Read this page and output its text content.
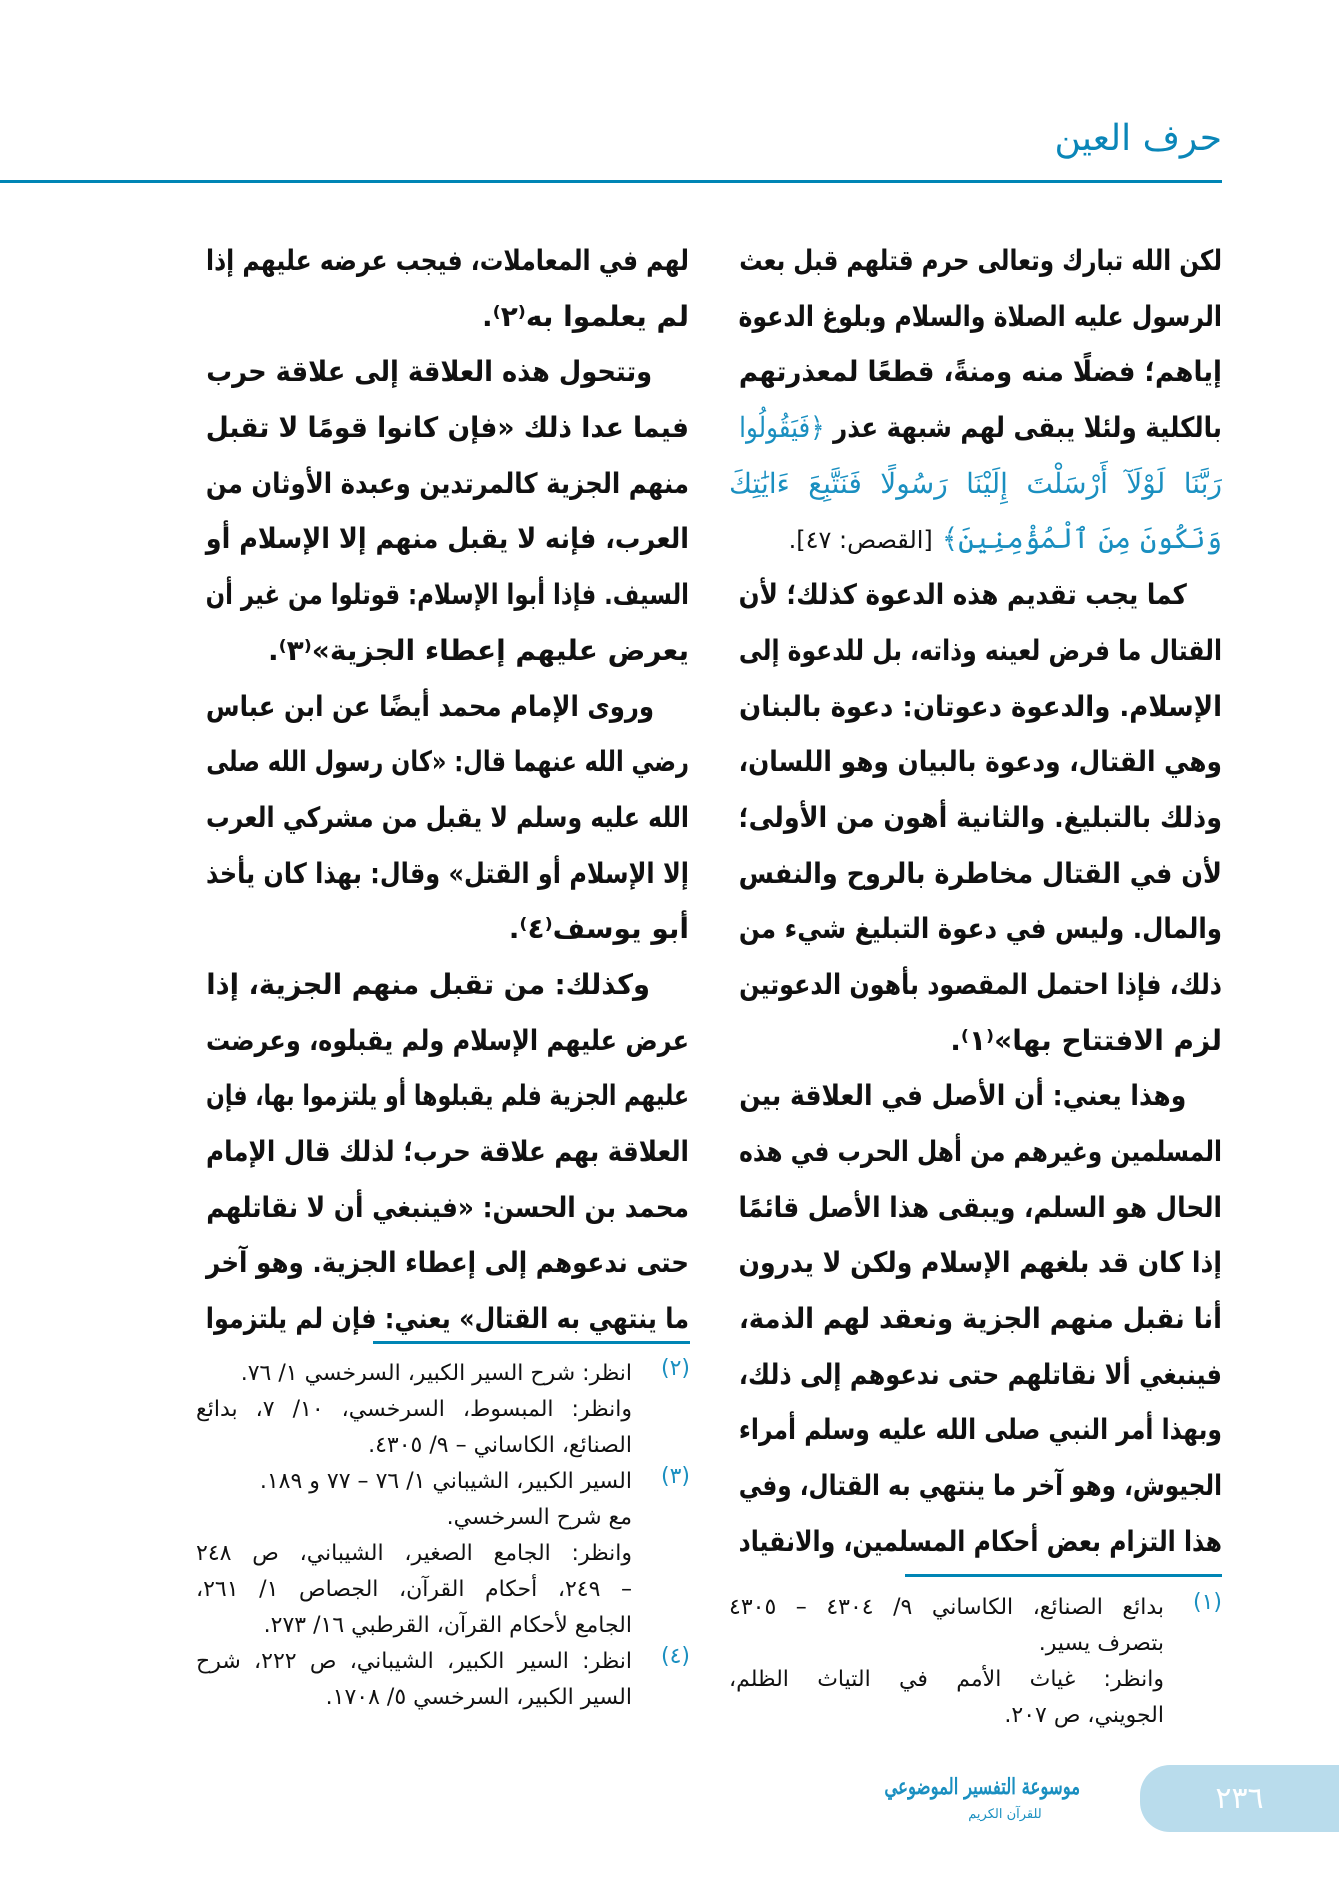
حرف العين
لكن الله تبارك وتعالى حرم قتلهم قبل بعث
الرسول عليه الصلاة والسلام وبلوغ الدعوة
إياهم؛ فضلًا منه ومنةً، قطعًا لمعذرتهم
بالكلية ولئلا يبقى لهم شبهة عذر ﴿فَيَقُولُوا
رَبَّنَا لَوْلَآ أَرْسَلْتَ إِلَيْنَا رَسُولًا فَنَتَّبِعَ ءَايَٰتِكَ
وَنَكُونَ مِنَ ٱلْمُؤْمِنِينَ﴾ [القصص: ٤٧].
كما يجب تقديم هذه الدعوة كذلك؛ لأن
القتال ما فرض لعينه وذاته، بل للدعوة إلى
الإسلام. والدعوة دعوتان: دعوة بالبنان
وهي القتال، ودعوة بالبيان وهو اللسان،
وذلك بالتبليغ. والثانية أهون من الأولى؛
لأن في القتال مخاطرة بالروح والنفس
والمال. وليس في دعوة التبليغ شيء من
ذلك، فإذا احتمل المقصود بأهون الدعوتين
لزم الافتتاح بها»⁽١⁾.
وهذا يعني: أن الأصل في العلاقة بين
المسلمين وغيرهم من أهل الحرب في هذه
الحال هو السلم، ويبقى هذا الأصل قائمًا
إذا كان قد بلغهم الإسلام ولكن لا يدرون
أنا نقبل منهم الجزية ونعقد لهم الذمة،
فينبغي ألا نقاتلهم حتى ندعوهم إلى ذلك،
وبهذا أمر النبي صلى الله عليه وسلم أمراء
الجيوش، وهو آخر ما ينتهي به القتال، وفي
هذا التزام بعض أحكام المسلمين، والانقياد
لهم في المعاملات، فيجب عرضه عليهم إذا
لم يعلموا به⁽٢⁾.
وتتحول هذه العلاقة إلى علاقة حرب
فيما عدا ذلك «فإن كانوا قومًا لا تقبل
منهم الجزية كالمرتدين وعبدة الأوثان من
العرب، فإنه لا يقبل منهم إلا الإسلام أو
السيف. فإذا أبوا الإسلام: قوتلوا من غير أن
يعرض عليهم إعطاء الجزية»⁽٣⁾.
وروى الإمام محمد أيضًا عن ابن عباس
رضي الله عنهما قال: «كان رسول الله صلى
الله عليه وسلم لا يقبل من مشركي العرب
إلا الإسلام أو القتل» وقال: بهذا كان يأخذ
أبو يوسف⁽٤⁾.
وكذلك: من تقبل منهم الجزية، إذا
عرض عليهم الإسلام ولم يقبلوه، وعرضت
عليهم الجزية فلم يقبلوها أو يلتزموا بها، فإن
العلاقة بهم علاقة حرب؛ لذلك قال الإمام
محمد بن الحسن: «فينبغي أن لا نقاتلهم
حتى ندعوهم إلى إعطاء الجزية. وهو آخر
ما ينتهي به القتال» يعني: فإن لم يلتزموا
(٢)
انظر: شرح السير الكبير، السرخسي ١/ ٧٦.
وانظر: المبسوط، السرخسي، ١٠/ ٧، بدائع
الصنائع، الكاساني – ٩/ ٤٣٠٥.
(٣)
السير الكبير، الشيباني ١/ ٧٦ – ٧٧ و ١٨٩.
مع شرح السرخسي.
وانظر: الجامع الصغير، الشيباني، ص ٢٤٨
– ٢٤٩، أحكام القرآن، الجصاص ١/ ٢٦١،
الجامع لأحكام القرآن، القرطبي ١٦/ ٢٧٣.
(٤)
انظر: السير الكبير، الشيباني، ص ٢٢٢، شرح
السير الكبير، السرخسي ٥/ ١٧٠٨.
(١)
بدائع الصنائع، الكاساني ٩/ ٤٣٠٤ – ٤٣٠٥
بتصرف يسير.
وانظر: غياث الأمم في التياث الظلم،
الجويني، ص ٢٠٧.
موسوعة التفسير الموضوعي
للقرآن الكريم	٢٣٦
